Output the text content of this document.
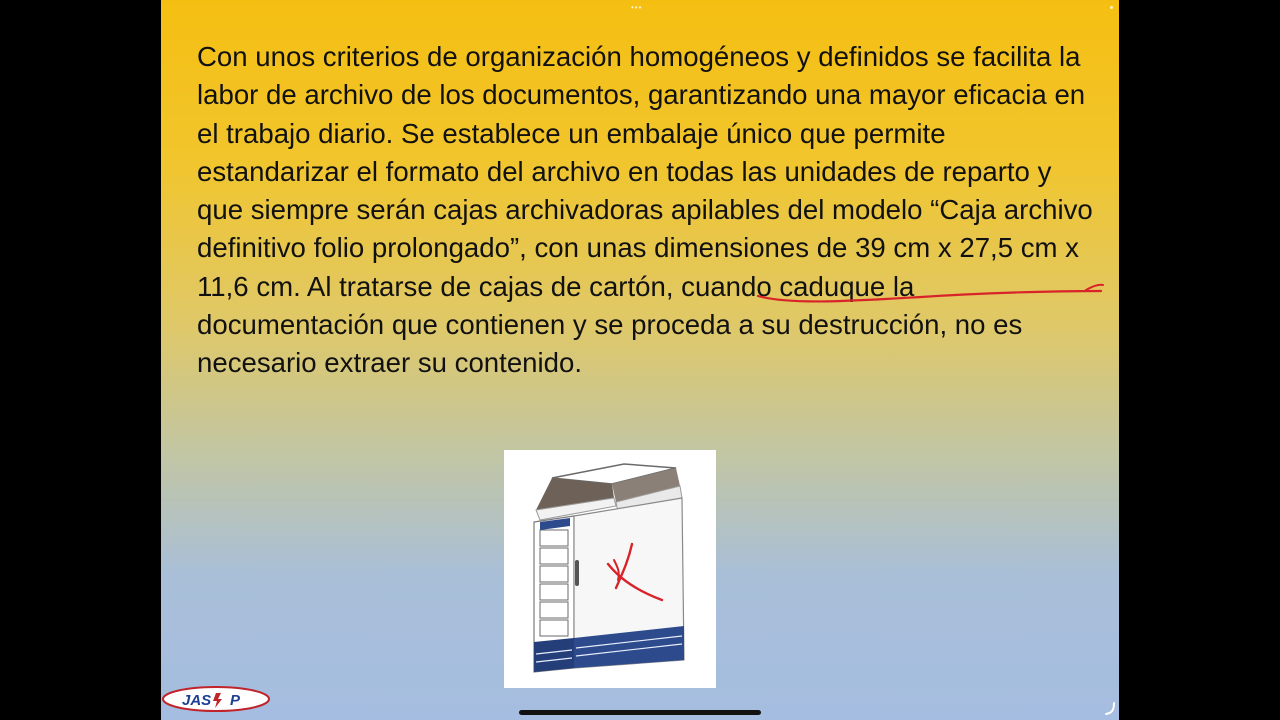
•••

Con unos criterios de organización homogéneos y definidos se facilita la labor de archivo de los documentos, garantizando una mayor eficacia en el trabajo diario. Se establece un embalaje único que permite estandarizar el formato del archivo en todas las unidades de reparto y que siempre serán cajas archivadoras apilables del modelo “Caja archivo definitivo folio prolongado”, con unas dimensiones de 39 cm x 27,5 cm x 11,6 cm. Al tratarse de cajas de cartón, cuando caduque la documentación que contienen y se proceda a su destrucción, no es necesario extraer su contenido.

JAS P
